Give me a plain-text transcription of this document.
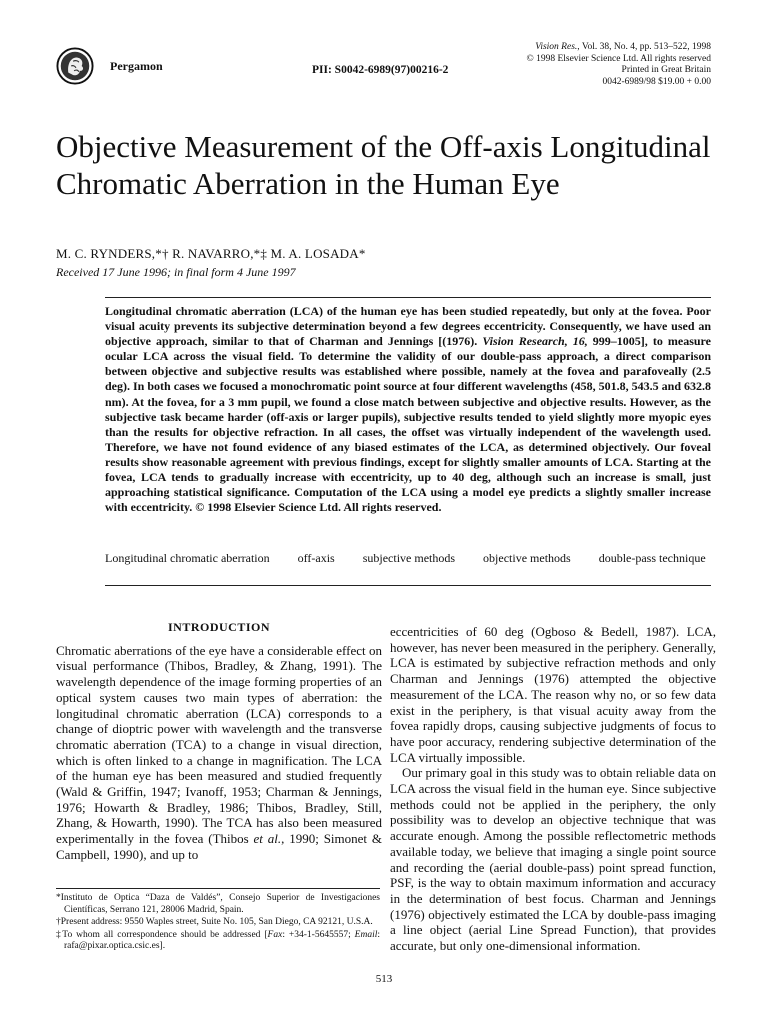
Pergamon	PII: S0042-6989(97)00216-2
Vision Res., Vol. 38, No. 4, pp. 513–522, 1998
© 1998 Elsevier Science Ltd. All rights reserved
Printed in Great Britain
0042-6989/98 $19.00 + 0.00
Objective Measurement of the Off-axis Longitudinal Chromatic Aberration in the Human Eye
M. C. RYNDERS,*† R. NAVARRO,*‡ M. A. LOSADA*
Received 17 June 1996; in final form 4 June 1997

Longitudinal chromatic aberration (LCA) of the human eye has been studied repeatedly, but only at the fovea. Poor visual acuity prevents its subjective determination beyond a few degrees eccentricity. Consequently, we have used an objective approach, similar to that of Charman and Jennings [(1976). Vision Research, 16, 999–1005], to measure ocular LCA across the visual field. To determine the validity of our double-pass approach, a direct comparison between objective and subjective results was established where possible, namely at the fovea and parafoveally (2.5 deg). In both cases we focused a monochromatic point source at four different wavelengths (458, 501.8, 543.5 and 632.8 nm). At the fovea, for a 3 mm pupil, we found a close match between subjective and objective results. However, as the subjective task became harder (off-axis or larger pupils), subjective results tended to yield slightly more myopic eyes than the results for objective refraction. In all cases, the offset was virtually independent of the wavelength used. Therefore, we have not found evidence of any biased estimates of the LCA, as determined objectively. Our foveal results show reasonable agreement with previous findings, except for slightly smaller amounts of LCA. Starting at the fovea, LCA tends to gradually increase with eccentricity, up to 40 deg, although such an increase is small, just approaching statistical significance. Computation of the LCA using a model eye predicts a slightly smaller increase with eccentricity. © 1998 Elsevier Science Ltd. All rights reserved.

Longitudinal chromatic aberration off-axis subjective methods objective methods double-pass technique
INTRODUCTION

Chromatic aberrations of the eye have a considerable effect on visual performance (Thibos, Bradley, & Zhang, 1991). The wavelength dependence of the image forming properties of an optical system causes two main types of aberration: the longitudinal chromatic aberration (LCA) corresponds to a change of dioptric power with wavelength and the transverse chromatic aberration (TCA) to a change in visual direction, which is often linked to a change in magnification. The LCA of the human eye has been measured and studied frequently (Wald & Griffin, 1947; Ivanoff, 1953; Charman & Jennings, 1976; Howarth & Bradley, 1986; Thibos, Bradley, Still, Zhang, & Howarth, 1990). The TCA has also been measured experimentally in the fovea (Thibos et al., 1990; Simonet & Campbell, 1990), and up to

eccentricities of 60 deg (Ogboso & Bedell, 1987). LCA, however, has never been measured in the periphery. Generally, LCA is estimated by subjective refraction methods and only Charman and Jennings (1976) attempted the objective measurement of the LCA. The reason why no, or so few data exist in the periphery, is that visual acuity away from the fovea rapidly drops, causing subjective judgments of focus to have poor accuracy, rendering subjective determination of the LCA virtually impossible.

Our primary goal in this study was to obtain reliable data on LCA across the visual field in the human eye. Since subjective methods could not be applied in the periphery, the only possibility was to develop an objective technique that was accurate enough. Among the possible reflectometric methods available today, we believe that imaging a single point source and recording the (aerial double-pass) point spread function, PSF, is the way to obtain maximum information and accuracy in the determination of best focus. Charman and Jennings (1976) objectively estimated the LCA by double-pass imaging a line object (aerial Line Spread Function), that provides accurate, but only one-dimensional information.

*Instituto de Optica “Daza de Valdés”, Consejo Superior de Investigaciones Científicas, Serrano 121, 28006 Madrid, Spain.

†Present address: 9550 Waples street, Suite No. 105, San Diego, CA 92121, U.S.A.

‡To whom all correspondence should be addressed [Fax: +34-1-5645557; Email: rafa@pixar.optica.csic.es].

513
